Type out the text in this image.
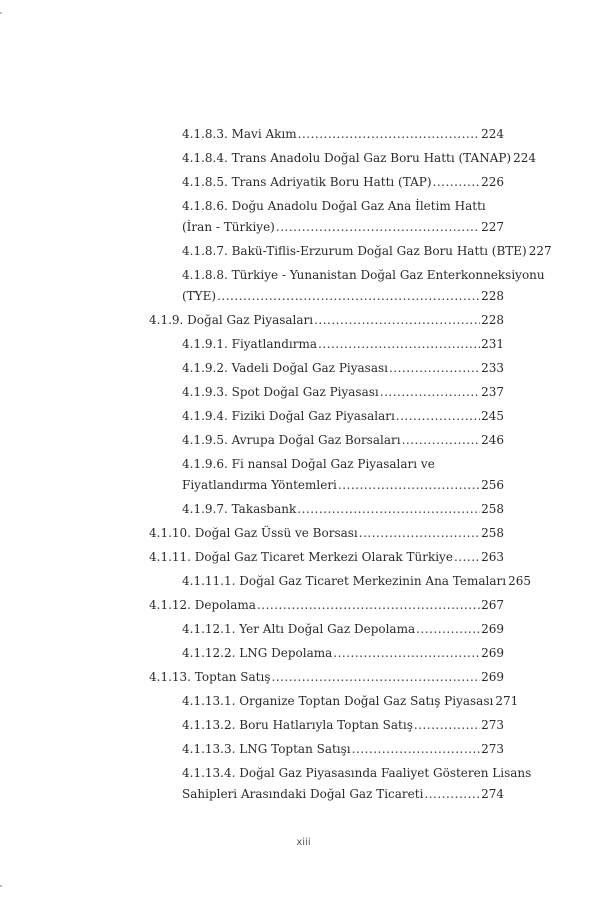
4.1.8.3. Mavi Akım .....	224
4.1.8.4. Trans Anadolu Doğal Gaz Boru Hattı (TANAP) 224
4.1.8.5. Trans Adriyatik Boru Hattı (TAP) .....	226
4.1.8.6. Doğu Anadolu Doğal Gaz Ana İletim Hattı
(İran - Türkiye) .....	227
4.1.8.7. Bakü-Tiflis-Erzurum Doğal Gaz Boru Hattı (BTE) 227
4.1.8.8. Türkiye - Yunanistan Doğal Gaz Enterkonneksiyonu
(TYE) .....	228
4.1.9. Doğal Gaz Piyasaları .....	228
4.1.9.1. Fiyatlandırma .....	231
4.1.9.2. Vadeli Doğal Gaz Piyasası .....	233
4.1.9.3. Spot Doğal Gaz Piyasası .....	237
4.1.9.4. Fiziki Doğal Gaz Piyasaları .....	245
4.1.9.5. Avrupa Doğal Gaz Borsaları .....	246
4.1.9.6. Fi nansal Doğal Gaz Piyasaları ve
Fiyatlandırma Yöntemleri .....	256
4.1.9.7. Takasbank .....	258
4.1.10. Doğal Gaz Üssü ve Borsası .....	258
4.1.11. Doğal Gaz Ticaret Merkezi Olarak Türkiye ..... 263
4.1.11.1. Doğal Gaz Ticaret Merkezinin Ana Temaları 265
4.1.12. Depolama .....	267
4.1.12.1. Yer Altı Doğal Gaz Depolama .....	269
4.1.12.2. LNG Depolama .....	269
4.1.13. Toptan Satış .....	269
4.1.13.1. Organize Toptan Doğal Gaz Satış Piyasası 271
4.1.13.2. Boru Hatlarıyla Toptan Satış .....	273
4.1.13.3. LNG Toptan Satışı .....	273
4.1.13.4. Doğal Gaz Piyasasında Faaliyet Gösteren Lisans
Sahipleri Arasındaki Doğal Gaz Ticareti .....	274
xiii
